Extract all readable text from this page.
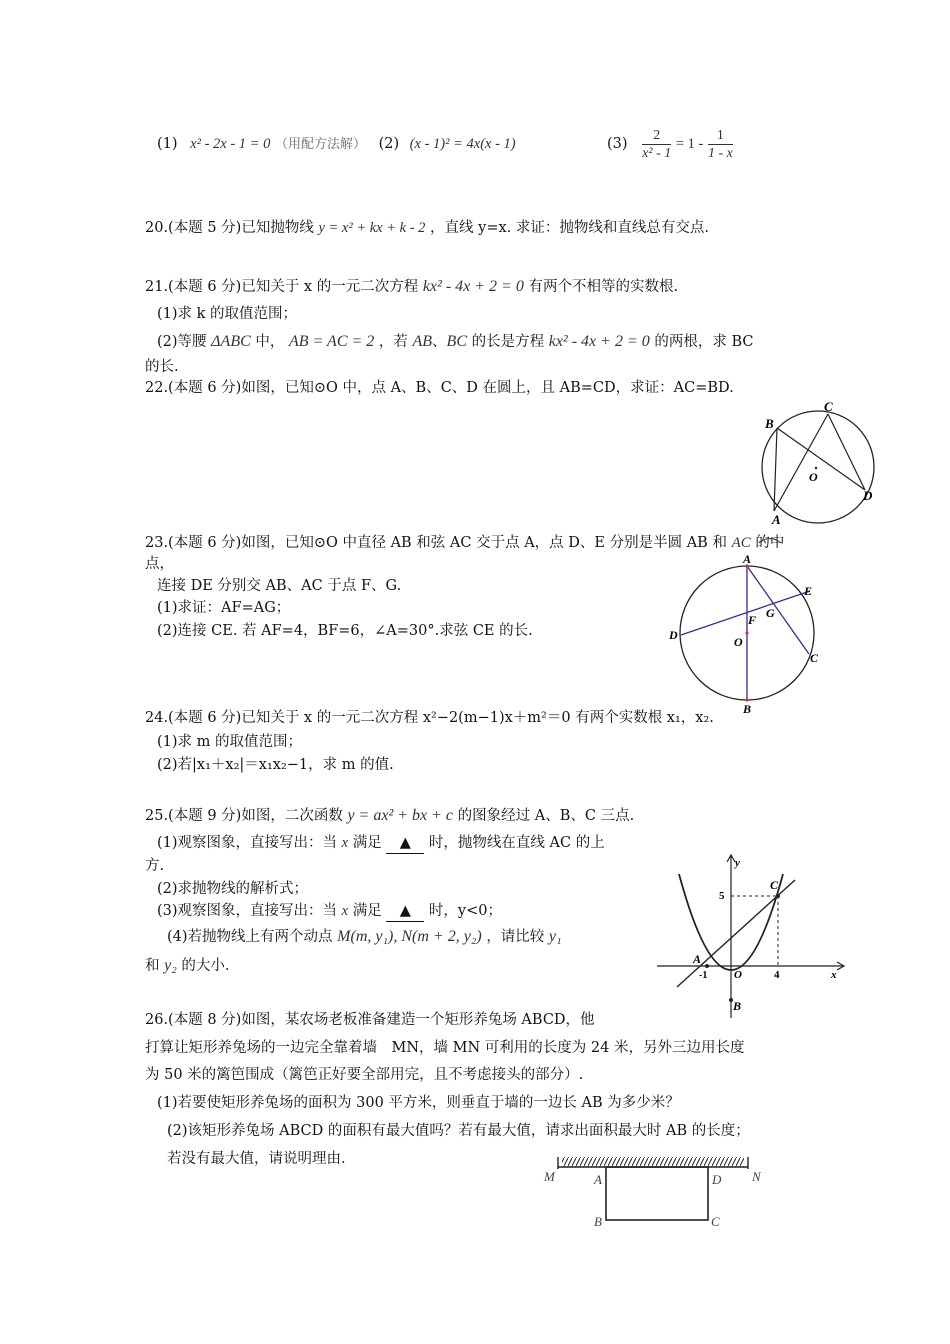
(1) x² - 2x - 1 = 0 （用配方法解） (2) (x - 1)² = 4x(x - 1)	$(3) \frac{2}{\text{x² - 1}} = 1 - \frac{1}{1 - x}$
20.(本题 5 分)已知抛物线 y = x² + kx + k - 2 ，直线 y=x. 求证：抛物线和直线总有交点.
21.(本题 6 分)已知关于 x 的一元二次方程 kx² - 4x + 2 = 0 有两个不相等的实数根.
(1)求 k 的取值范围；
(2)等腰 ΔABC 中， AB = AC = 2 ，若 AB、BC 的长是方程 kx² - 4x + 2 = 0 的两根，求 BC
的长.
22.(本题 6 分)如图，已知⊙O 中，点 A、B、C、D 在圆上，且 AB=CD，求证：AC=BD.
B
C
O
D
A
23.(本题 6 分)如图，已知⊙O 中直径 AB 和弦 AC 交于点 A，点 D、E 分别是半圆 AB 和 AC 的中
点，
连接 DE 分别交 AB、AC 于点 F、G.
(1)求证：AF=AG；
(2)连接 CE. 若 AF=4，BF=6，∠A=30°.求弦 CE 的长.
A
E
G
F
D	O
C
B
24.(本题 6 分)已知关于 x 的一元二次方程 x²−2(m−1)x＋m²＝0 有两个实数根 x₁，x₂.
(1)求 m 的取值范围；
(2)若|x₁＋x₂|＝x₁x₂−1，求 m 的值.
25.(本题 9 分)如图，二次函数 y = ax² + bx + c 的图象经过 A、B、C 三点.
(1)观察图象，直接写出：当 x 满足 ▲ 时，抛物线在直线 AC 的上
方.
(2)求抛物线的解析式；
(3)观察图象，直接写出：当 x 满足 ▲ 时，y<0；
(4)若抛物线上有两个动点 M(m, y₁), N(m + 2, y₂) ，请比较 y₁
和 y₂ 的大小.
y
5
C
A
-1 O	4	x
B
26.(本题 8 分)如图，某农场老板准备建造一个矩形养兔场 ABCD，他
打算让矩形养兔场的一边完全靠着墙　MN，墙 MN 可利用的长度为 24 米，另外三边用长度
为 50 米的篱笆围成（篱笆正好要全部用完，且不考虑接头的部分）.
(1)若要使矩形养兔场的面积为 300 平方米，则垂直于墙的一边长 AB 为多少米？
(2)该矩形养兔场 ABCD 的面积有最大值吗？若有最大值，请求出面积最大时 AB 的长度；
若没有最大值，请说明理由.
M	A	D N
B	C
